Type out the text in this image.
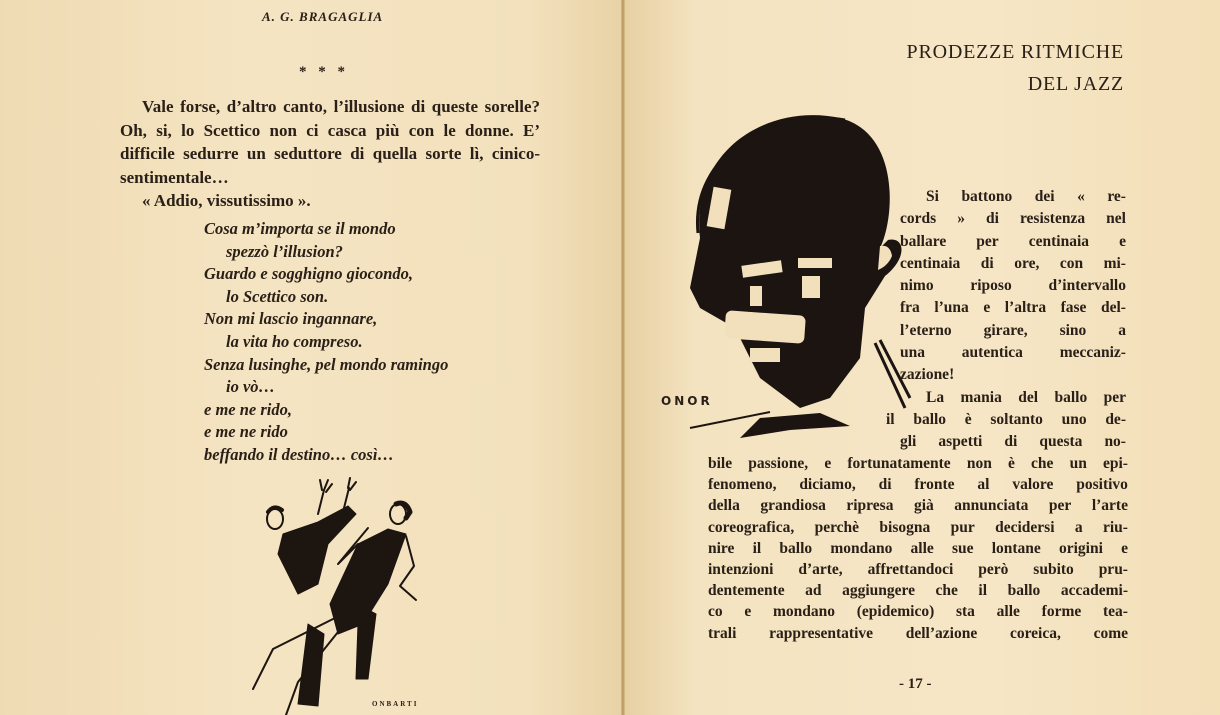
A. G. BRAGAGLIA
* * *

Vale forse, d’altro canto, l’illusione di queste sorelle? Oh, si, lo Scettico non ci casca più con le donne. E’ difficile sedurre un seduttore di quella sorte lì, cinico-sentimentale…

« Addio, vissutissimo ».

Cosa m’importa se il mondo
spezzò l’illusion?
Guardo e sogghigno giocondo,
lo Scettico son.
Non mi lascio ingannare,
la vita ho compreso.
Senza lusinghe, pel mondo ramingo
io vò…
e me ne rido,
e me ne rido
beffando il destino… così…
ONBARTI
PRODEZZE RITMICHE
DEL JAZZ
ONOR
Si battono dei « re-
cords » di resistenza nel
ballare per centinaia e
centinaia di ore, con mi-
nimo riposo d’intervallo
fra l’una e l’altra fase del-
l’eterno girare, sino a
una autentica meccaniz-
zazione!
La mania del ballo per
il ballo è soltanto uno de-
gli aspetti di questa no-
bile passione, e fortunatamente non è che un epi-
fenomeno, diciamo, di fronte al valore positivo
della grandiosa ripresa già annunciata per l’arte
coreografica, perchè bisogna pur decidersi a riu-
nire il ballo mondano alle sue lontane origini e
intenzioni d’arte, affrettandoci però subito pru-
dentemente ad aggiungere che il ballo accademi-
co e mondano (epidemico) sta alle forme tea-
trali rappresentative dell’azione coreica, come
- 17 -
